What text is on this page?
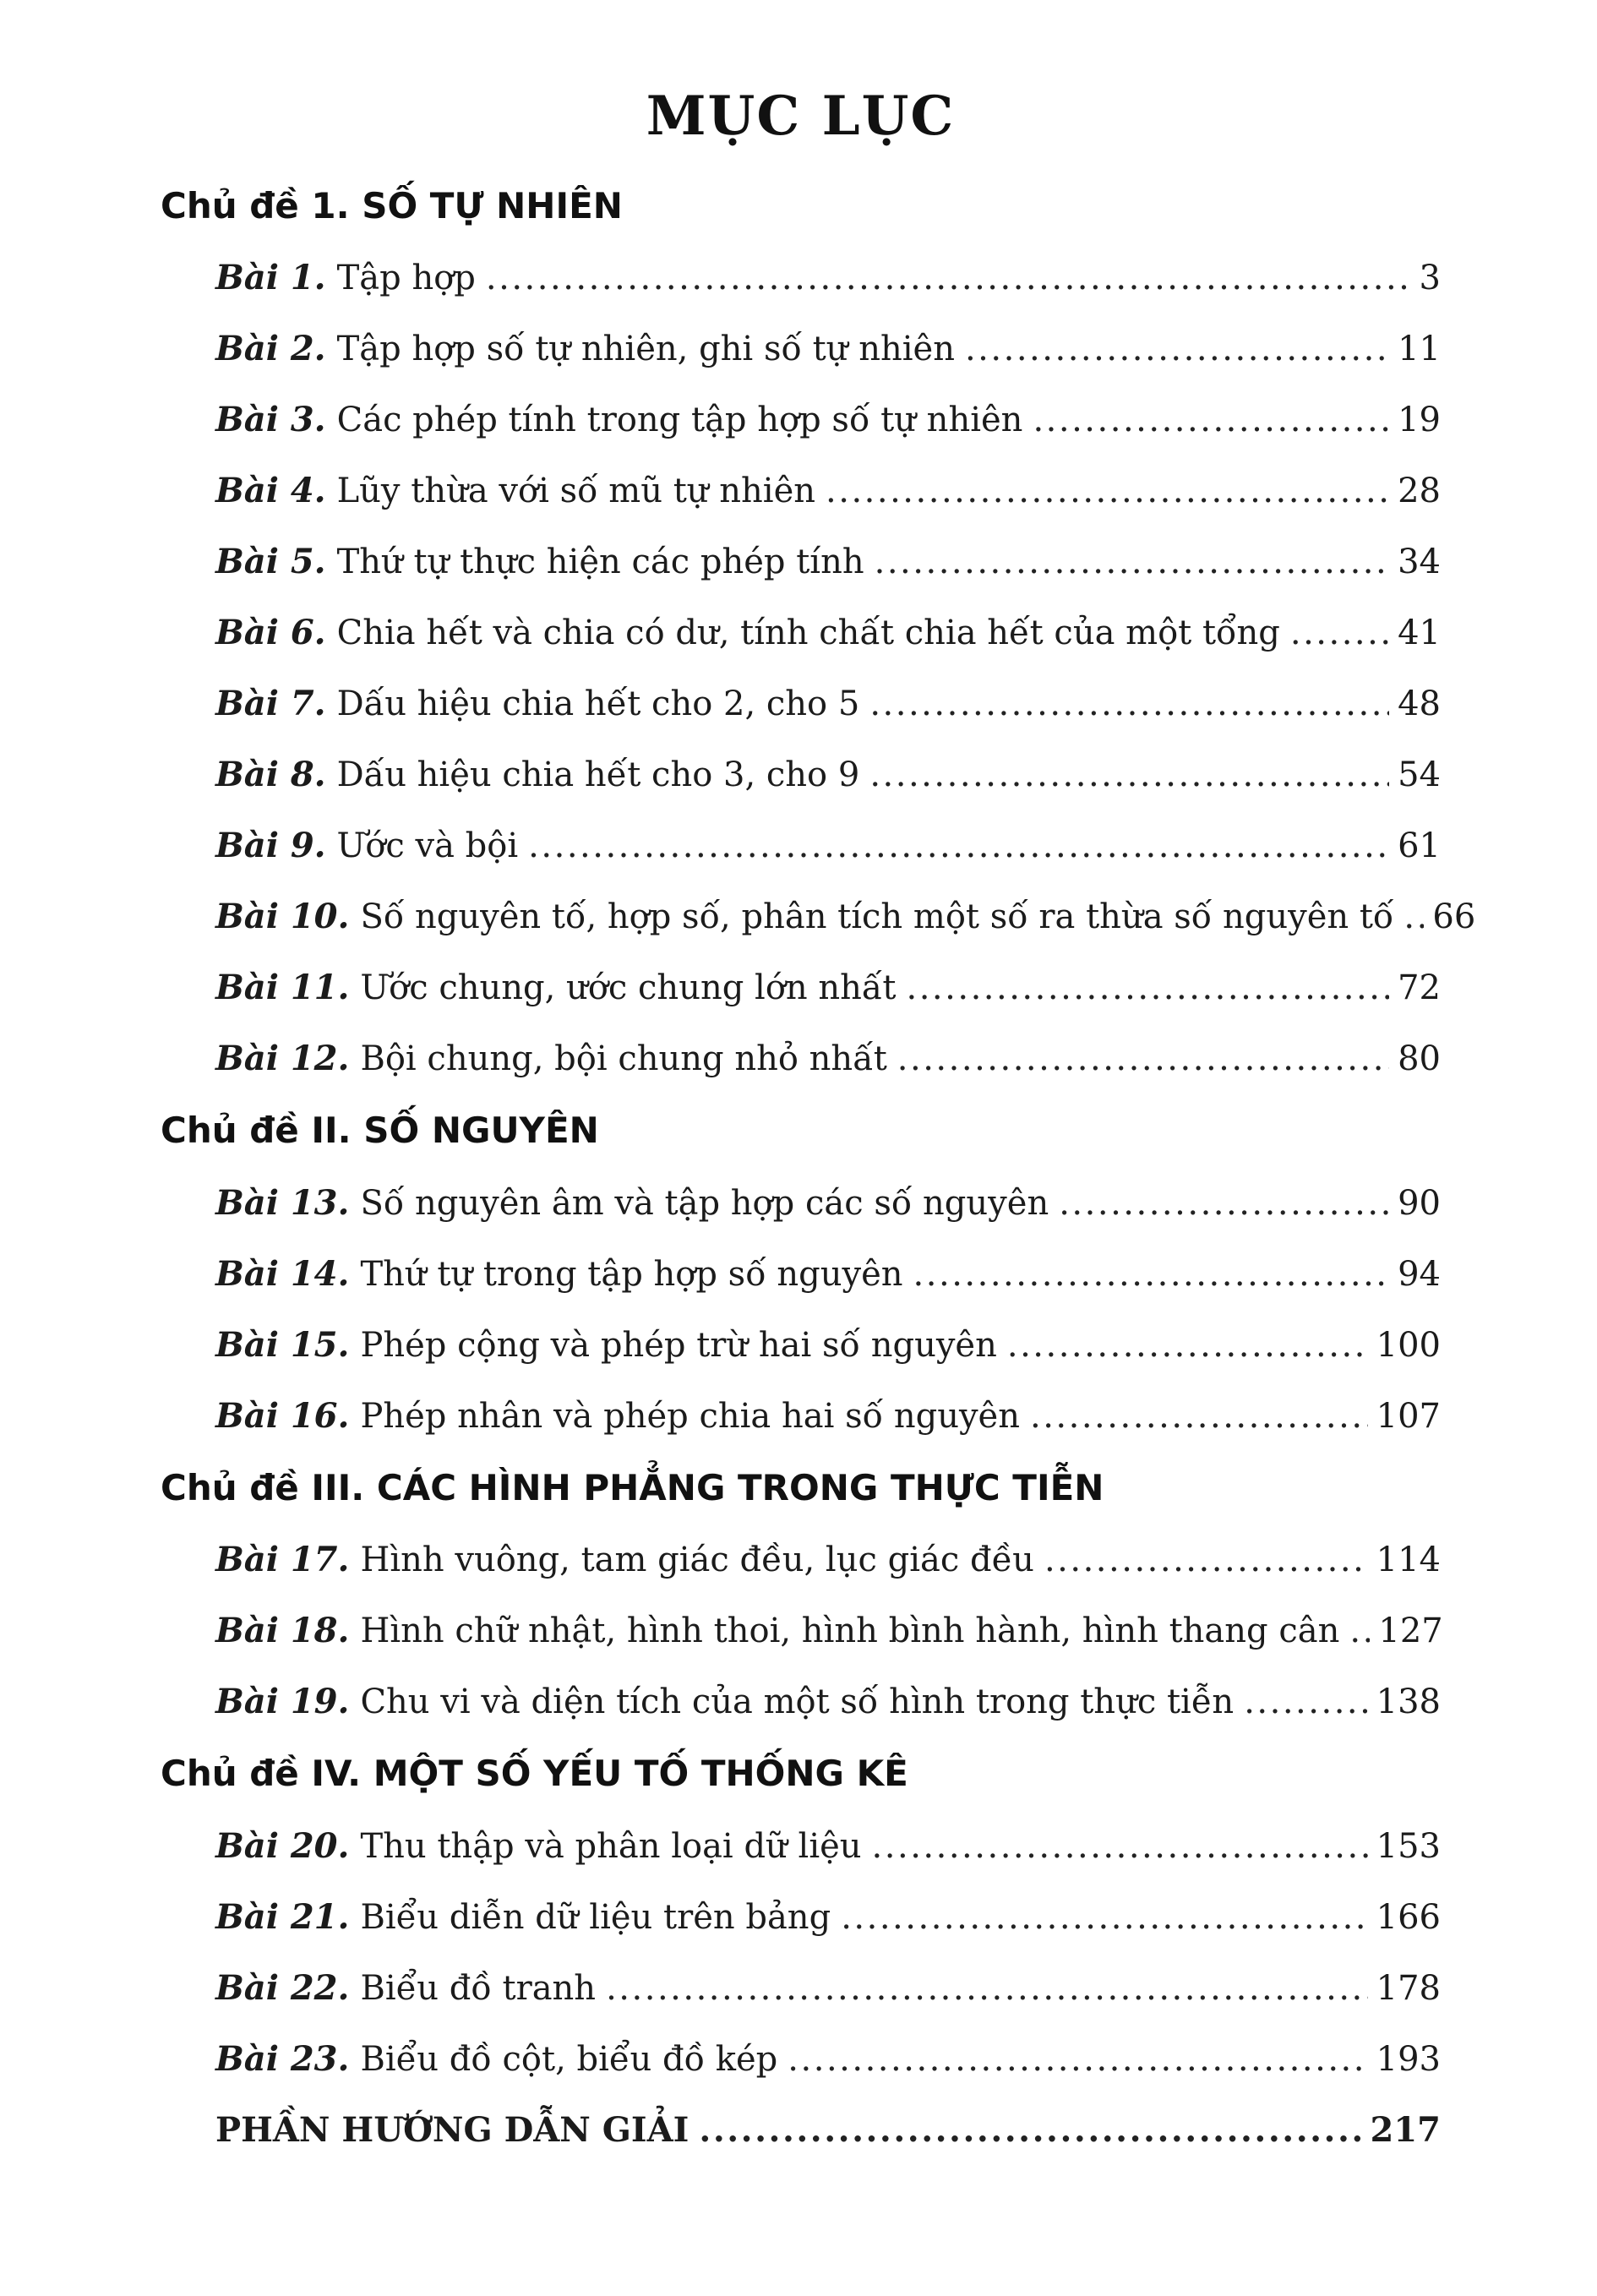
MỤC LỤC
Chủ đề 1. SỐ TỰ NHIÊN
Bài 1. Tập hợp .....	3
Bài 2. Tập hợp số tự nhiên, ghi số tự nhiên .....	11
Bài 3. Các phép tính trong tập hợp số tự nhiên .....	19
Bài 4. Lũy thừa với số mũ tự nhiên .....	28
Bài 5. Thứ tự thực hiện các phép tính .....	34
Bài 6. Chia hết và chia có dư, tính chất chia hết của một tổng .....	41
Bài 7. Dấu hiệu chia hết cho 2, cho 5 .....	48
Bài 8. Dấu hiệu chia hết cho 3, cho 9 .....	54
Bài 9. Ước và bội .....	61
Bài 10. Số nguyên tố, hợp số, phân tích một số ra thừa số nguyên tố ..... 66
Bài 11. Ước chung, ước chung lớn nhất .....	72
Bài 12. Bội chung, bội chung nhỏ nhất .....	80
Chủ đề II. SỐ NGUYÊN
Bài 13. Số nguyên âm và tập hợp các số nguyên .....	90
Bài 14. Thứ tự trong tập hợp số nguyên .....	94
Bài 15. Phép cộng và phép trừ hai số nguyên .....	100
Bài 16. Phép nhân và phép chia hai số nguyên .....	107
Chủ đề III. CÁC HÌNH PHẲNG TRONG THỰC TIỄN
Bài 17. Hình vuông, tam giác đều, lục giác đều .....	114
Bài 18. Hình chữ nhật, hình thoi, hình bình hành, hình thang cân ..... 127
Bài 19. Chu vi và diện tích của một số hình trong thực tiễn .....	138
Chủ đề IV. MỘT SỐ YẾU TỐ THỐNG KÊ
Bài 20. Thu thập và phân loại dữ liệu .....	153
Bài 21. Biểu diễn dữ liệu trên bảng .....	166
Bài 22. Biểu đồ tranh .....	178
Bài 23. Biểu đồ cột, biểu đồ kép .....	193
PHẦN HƯỚNG DẪN GIẢI .....	217
